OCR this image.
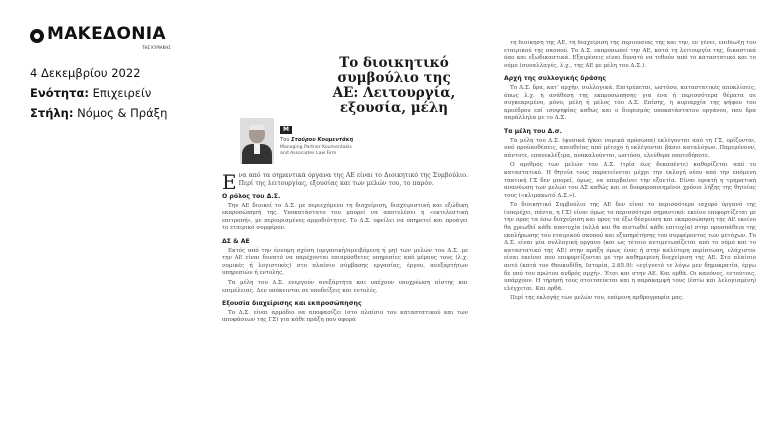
ΜΑΚΕΔΟΝΙΑ
ΤΗΣ ΚΥΡΙΑΚΗΣ
4 Δεκεμβρίου 2022
Ενότητα: Επιχειρείν
Στήλη: Νόμος & Πράξη
Το διοικητικό συμβούλιο της ΑΕ: Λειτουργία, εξουσία, μέλη
M
Του Σταύρου Κουμεντάκη
Managing Partner Koumentakis and Associates Law Firm

Ενα από τα σημαντικά όργανα της ΑΕ είναι το Διοικητικό της Συμβούλιο. Περί της λειτουργίας, εξουσίας και των μελών του, το παρόν.

Ο ρόλος του Δ.Σ.

Την ΑΕ διοικεί το Δ.Σ. με περιεχόμενο τη διαχείριση, διαχειριστική και εξώδικη εκπροσώπησή της. Υποκατάστατο του μπορεί να αποτελέσει η «εκτελεστική επιτροπή», με περιορισμένες αρμοδιότητες. Το Δ.Σ. οφείλει να υπηρετεί και προάγει το εταιρικό συμφέρον.

ΔΣ & ΑΕ

Εκτός από την έννομη σχέση (οργανική/αμειβόμενη ή μη) των μελών του Δ.Σ. με την ΑΕ είναι δυνατό να παρέχονται επιπρόσθετες υπηρεσίες από μέρους τους (λ.χ. νομικές ή λογιστικές) στο πλαίσιο σύμβασης εργασίας, έργου, ανεξαρτήτων υπηρεσιών ή εντολής.

Τα μέλη του Δ.Σ. ενεργούν ανεξάρτητα και υπέχουν υποχρέωση πίστης και επιμέλειας. Δεν υπόκεινται σε υποδείξεις και εντολές.

Εξουσία διαχείρισης και εκπροσώπησης

Το Δ.Σ. είναι αρμόδιο να αποφασίζει (στο πλαίσιο του καταστατικού και των αποφάσεων της ΓΣ) για κάθε πράξη που αφορά

τη διοίκηση της ΑΕ, τη διαχείριση της περιουσίας της και την, εν γένει, επιδίωξη του εταιρικού της σκοπού. Το Δ.Σ. εκπροσωπεί την ΑΕ, κατά τη λειτουργία της, δικαστικά όσο και εξωδικαστικά. Εξαιρέσεις είναι δυνατό να τεθούν από το καταστατικό και το νόμο (συναλλαγές, λ.χ., της ΑΕ με μέλη του Δ.Σ.).

Αρχή της συλλογικής δράσης

Το Δ.Σ. δρα, κατ' αρχήν, συλλογικά. Επιτρέπεται, ωστόσο, καταστατικές αποκλίσεις, όπως λ.χ. η ανάθεση της εκπροσώπησης για ένα ή περισσότερα θέματα σε συγκεκριμένο, μόνο, μέλη ή μέλος του Δ.Σ. Επίσης, η κυριαρχία της ψήφου του προέδρου επί ισοψηφίας καθώς και ο διορισμός υποκατάστατου οργάνου, που δρα παράλληλα με το Δ.Σ.

Τα μέλη του Δ.σ.

Τα μέλη του Δ.Σ. (φυσικά ή/και νομικά πρόσωπα) εκλέγονται από τη ΓΣ, ορίζονται, υπό προϋποθέσεις, απευθείας από μέτοχο ή εκλέγονται βάσει καταλόγων. Παρεμένουν, πάντοτε, επανεκλέξιμα, ανακαλούνται, ωστόσο, ελεύθερα οποτεδήποτε.

Ο αριθμός των μελών του Δ.Σ. (τρία έως δεκαπέντε) καθορίζεται από το καταστατικό. Η θητεία τους παρατείνεται μέχρι την εκλογή νέου από την επόμενη τακτική ΓΣ δεν μπορεί, όμως, να υπερβαίνει την εξαετία. Είναι εφικτή η τμηματική ανανέωση των μελών του ΔΣ καθώς και οι διαφοροποιημένοι χρόνοι λήξης της θητείας τους («κλιμακωτό Δ.Σ.»).

Το διοικητικό Συμβούλιο της ΑΕ δεν είναι το περισσότερο ισχυρό όργανό της (υπερέχει, πάντα, η ΓΣ) είναι όμως το περισσότερο σημαντικό: εκείνο επιφορτίζεται με την προς τα έσω διαχείριση και προς τα έξω δέσμευση και εκπροσώπηση της ΑΕ εκείνο θα χρεωθεί κάθε αποτυχία (αλλά και θα πιστωθεί κάθε επιτυχία) στην προσπάθεια της εκπλήρωσης του εταιρικού σκοπού και εξυπηρέτησης του συμφέροντος των μετόχων. Το Δ.Σ. είναι μία συλλογική οργανο (και ως τέτοιο αντιμετωπίζεται από το νόμο και το καταστατικό της ΑΕ) στην πράξη όμως ένας ή στην καλύτερη περίπτωση, ελάχιστοι είναι εκείνοι που επιφορτίζονται με την καθημερινή διαχείριση της ΑΕ. Στο πλαίσιο αυτό (κατά τον Θουκυδίδη, Ιστορία, 2.65.9): «εγίγνετό τε λόγω μεν δημοκρατία, έργω δε υπό του πρώτου ανδρός αρχή». Έτσι και στην ΑΕ. Και ορθά. Οι κανόνες, εντούτοις, υπάρχουν. Η τήρησή τους στοιτσεύεται και η παράκαμψή τους (έστω και λελογισμένη) ελέγχεται. Και ορθά.

Περί της εκλογής των μελών του, επόμενη αρθρογραφία μας.
